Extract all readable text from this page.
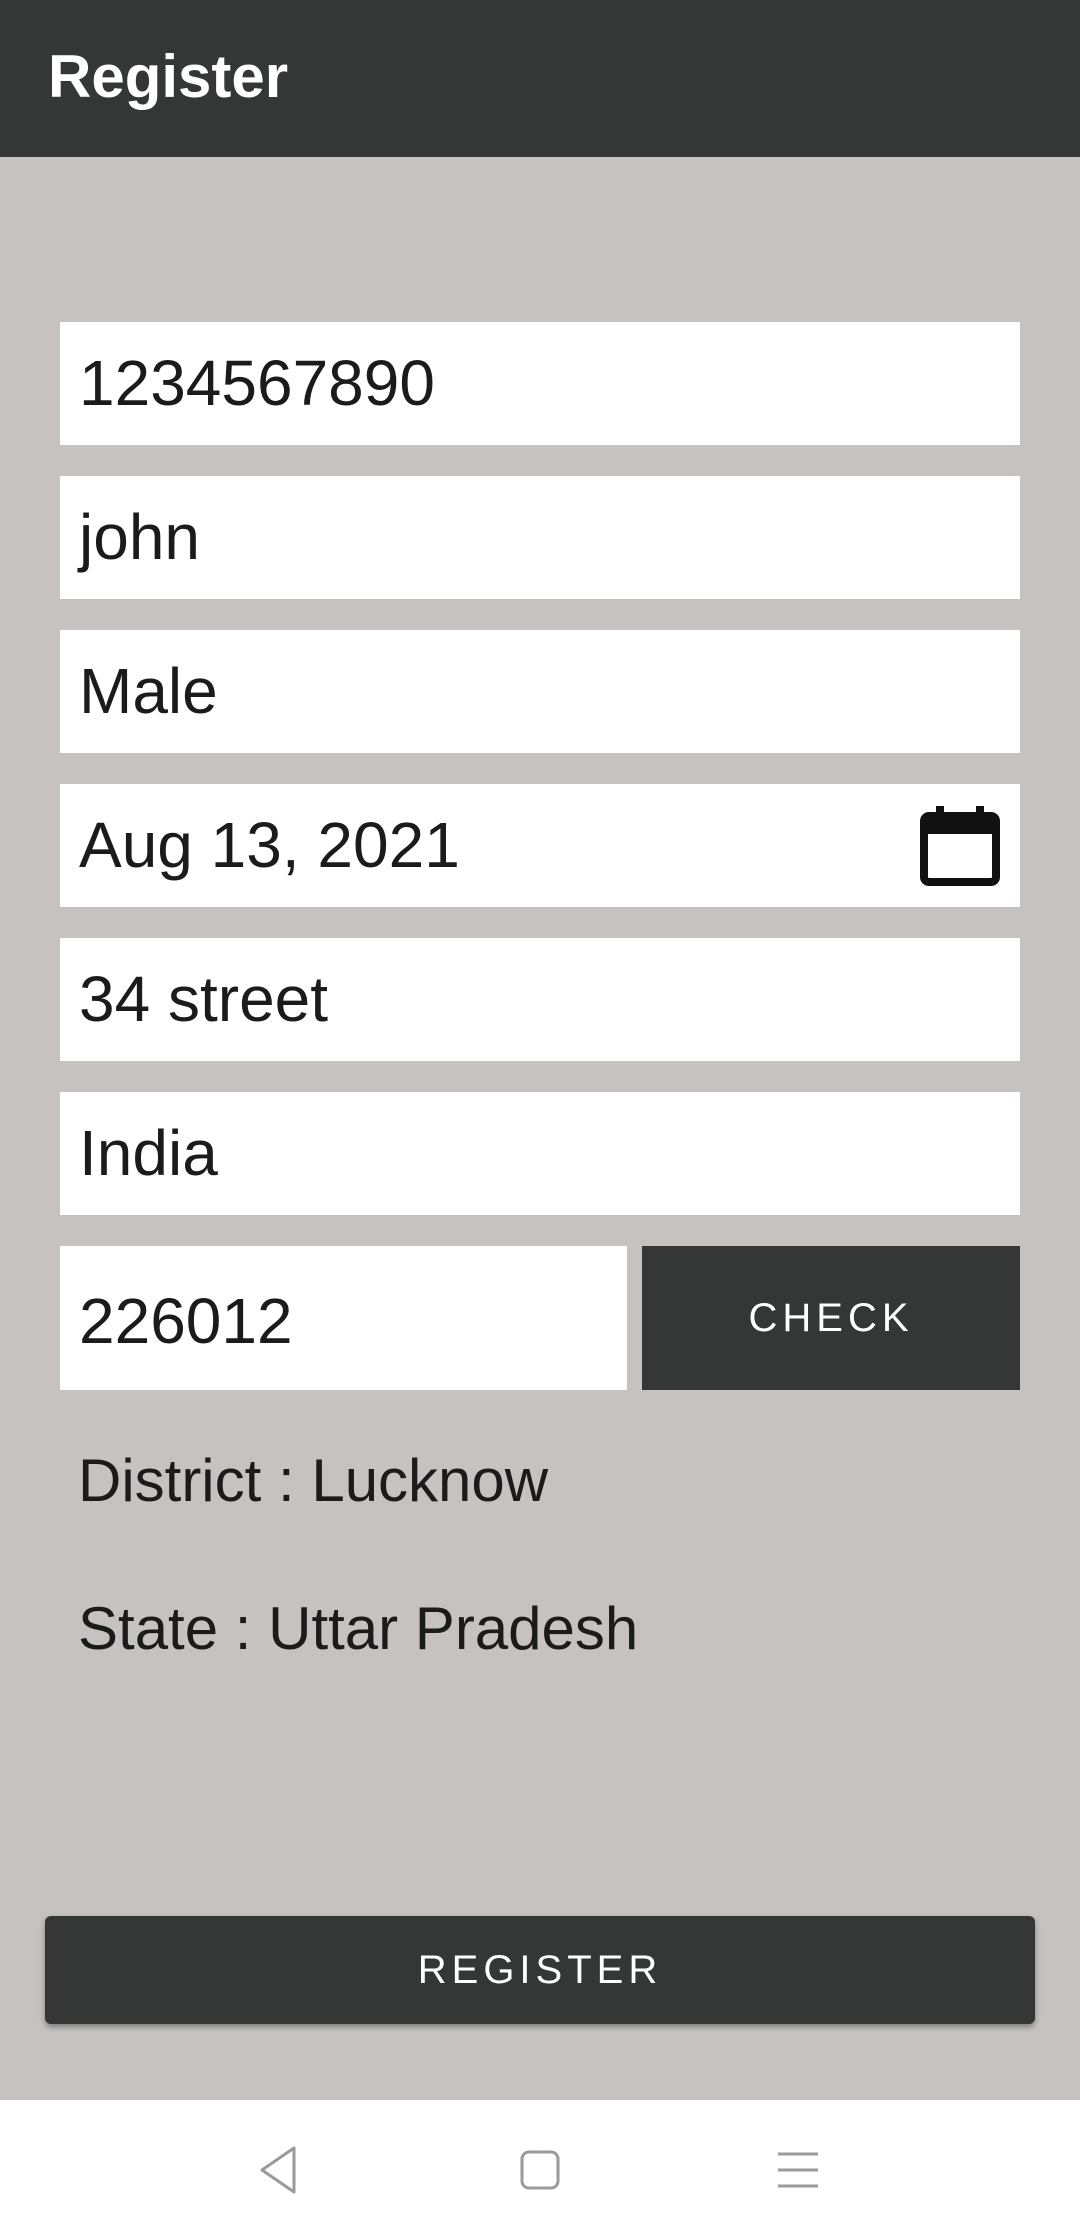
Register
1234567890
john
Male
Aug 13, 2021
34 street
India
226012	CHECK
District : Lucknow
State : Uttar Pradesh
REGISTER
